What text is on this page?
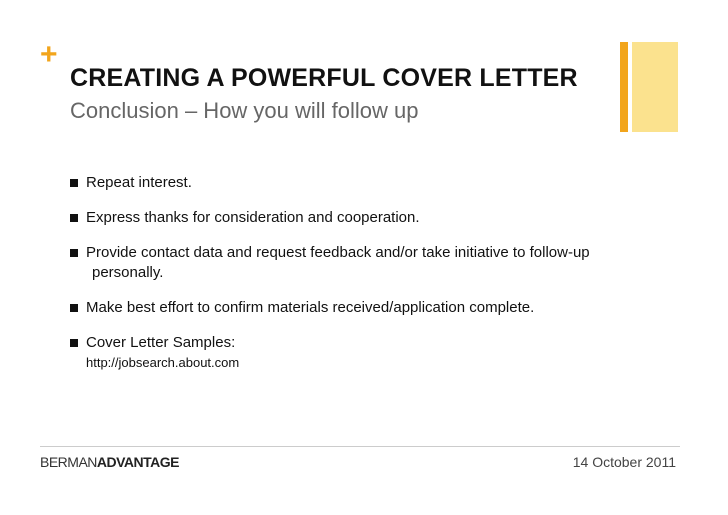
+
CREATING A POWERFUL COVER LETTER
Conclusion – How you will follow up
Repeat interest.
Express thanks for consideration and cooperation.
Provide contact data and request feedback and/or take initiative to follow-up
personally.
Make best effort to confirm materials received/application complete.
Cover Letter Samples:
http://jobsearch.about.com
BERMANADVANTAGE	14 October 2011
